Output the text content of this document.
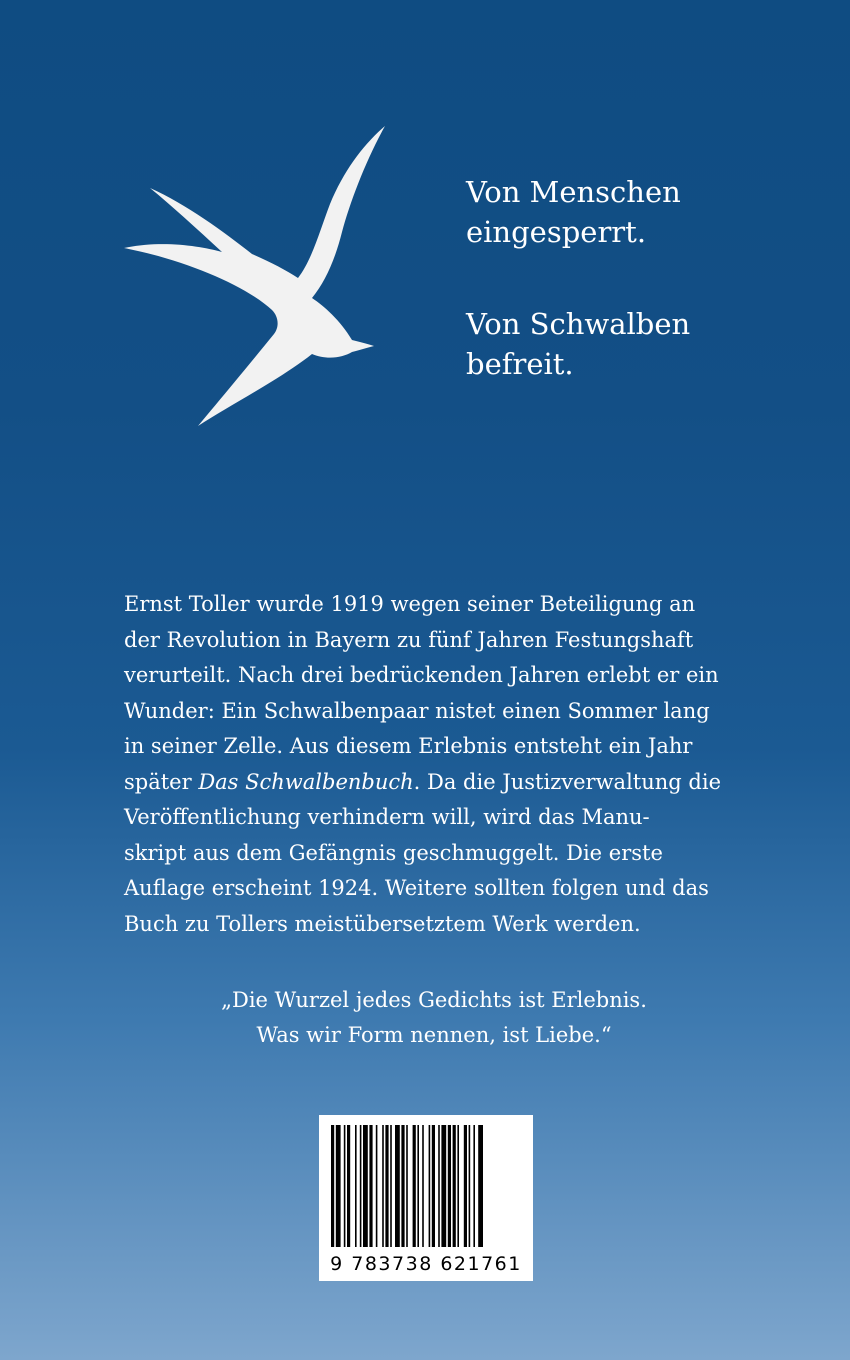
Von Menschen
eingesperrt.
Von Schwalben
befreit.
Ernst Toller wurde 1919 wegen seiner Beteiligung an
der Revolution in Bayern zu fünf Jahren Festungshaft
verurteilt. Nach drei bedrückenden Jahren erlebt er ein
Wunder: Ein Schwalbenpaar nistet einen Sommer lang
in seiner Zelle. Aus diesem Erlebnis entsteht ein Jahr
später Das Schwalbenbuch. Da die Justizverwaltung die
Veröffentlichung verhindern will, wird das Manu-
skript aus dem Gefängnis geschmuggelt. Die erste
Auflage erscheint 1924. Weitere sollten folgen und das
Buch zu Tollers meistübersetztem Werk werden.
„Die Wurzel jedes Gedichts ist Erlebnis.
Was wir Form nennen, ist Liebe.“
9 783738 621761
